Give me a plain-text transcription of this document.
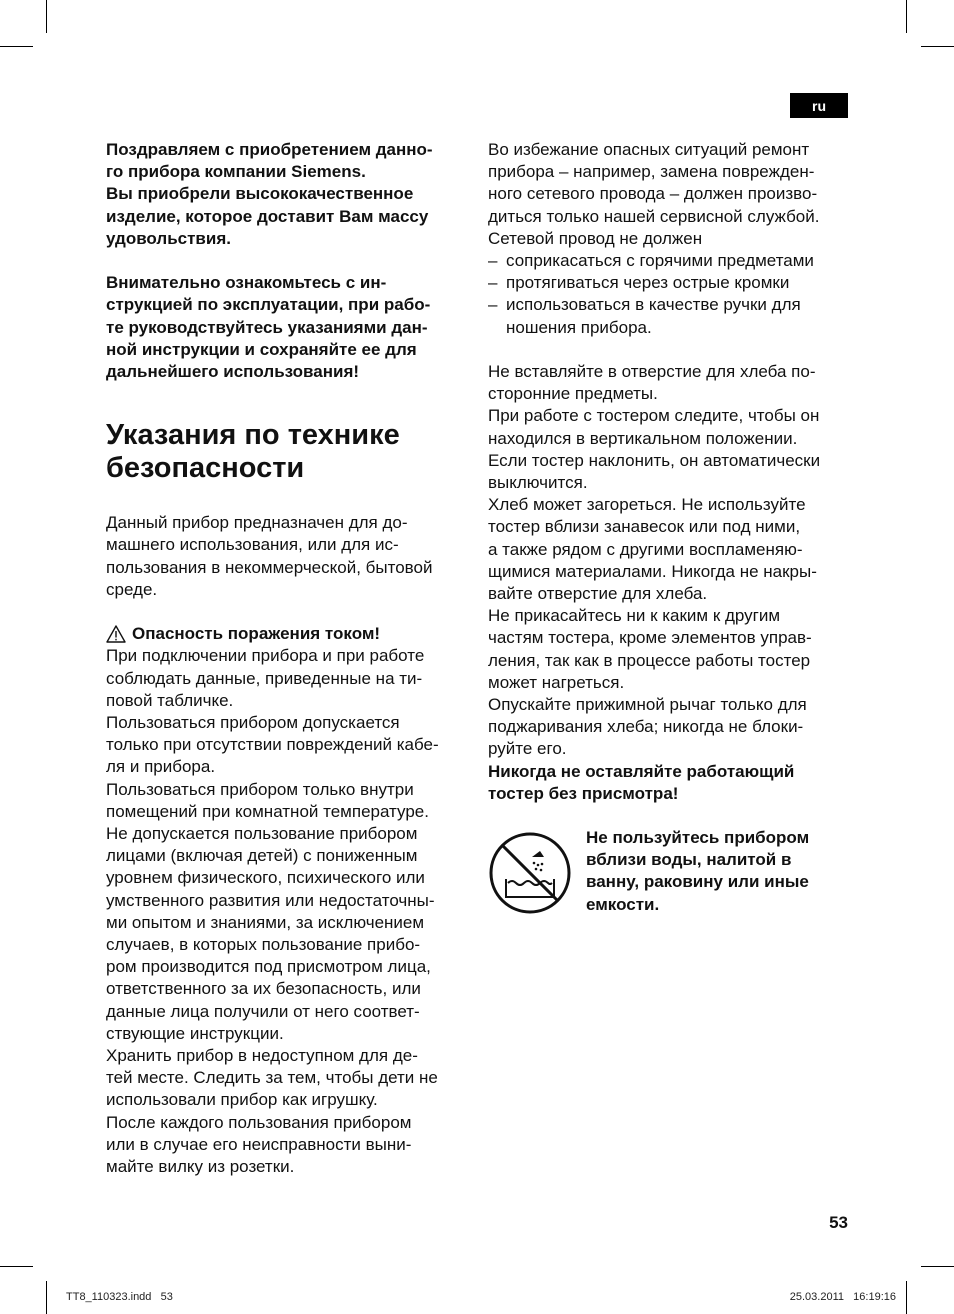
ru

Поздравляем с приобретением данно-

го прибора компании Siemens.

Вы приобрели высококачественное

изделие, которое доставит Вам массу

удовольствия.

Внимательно ознакомьтесь с ин-

струкцией по эксплуатации, при рабо-

те руководствуйтесь указаниями дан-

ной инструкции и сохраняйте ее для

дальнейшего использования!

Указания по технике

безопасности

Данный прибор предназначен для до-

машнего использования, или для ис-

пользования в некоммерческой, бытовой

среде.

Опасность поражения током!

При подключении прибора и при работе

соблюдать данные, приведенные на ти-

повой табличке.

Пользоваться прибором допускается

только при отсутствии повреждений кабе-

ля и прибора.

Пользоваться прибором только внутри

помещений при комнатной температуре.

Не допускается пользование прибором

лицами (включая детей) с пониженным

уровнем физического, психического или

умственного развития или недостаточны-

ми опытом и знаниями, за исключением

случаев, в которых пользование прибо-

ром производится под присмотром лица,

ответственного за их безопасность, или

данные лица получили от него соответ-

ствующие инструкции.

Хранить прибор в недоступном для де-

тей месте. Следить за тем, чтобы дети не

использовали прибор как игрушку.

После каждого пользования прибором

или в случае его неисправности выни-

майте вилку из розетки.

Во избежание опасных ситуаций ремонт

прибора – например, замена поврежден-

ного сетевого провода – должен произво-

диться только нашей сервисной службой.

Сетевой провод не должен

– соприкасаться с горячими предметами
– протягиваться через острые кромки
– использоваться в качестве ручки для
ношения прибора.

Не вставляйте в отверстие для хлеба по-

сторонние предметы.

При работе с тостером следите, чтобы он

находился в вертикальном положении.

Если тостер наклонить, он автоматически

выключится.

Хлеб может загореться. Не используйте

тостер вблизи занавесок или под ними,

а также рядом с другими воспламеняю-

щимися материалами. Никогда не накры-

вайте отверстие для хлеба.

Не прикасайтесь ни к каким к другим

частям тостера, кроме элементов управ-

ления, так как в процессе работы тостер

может нагреться.

Опускайте прижимной рычаг только для

поджаривания хлеба; никогда не блоки-

руйте его.

Никогда не оставляйте работающий

тостер без присмотра!

Не пользуйтесь прибором

вблизи воды, налитой в

ванну, раковину или иные

емкости.

53
TT8_110323.indd   53	25.03.2011   16:19:16
